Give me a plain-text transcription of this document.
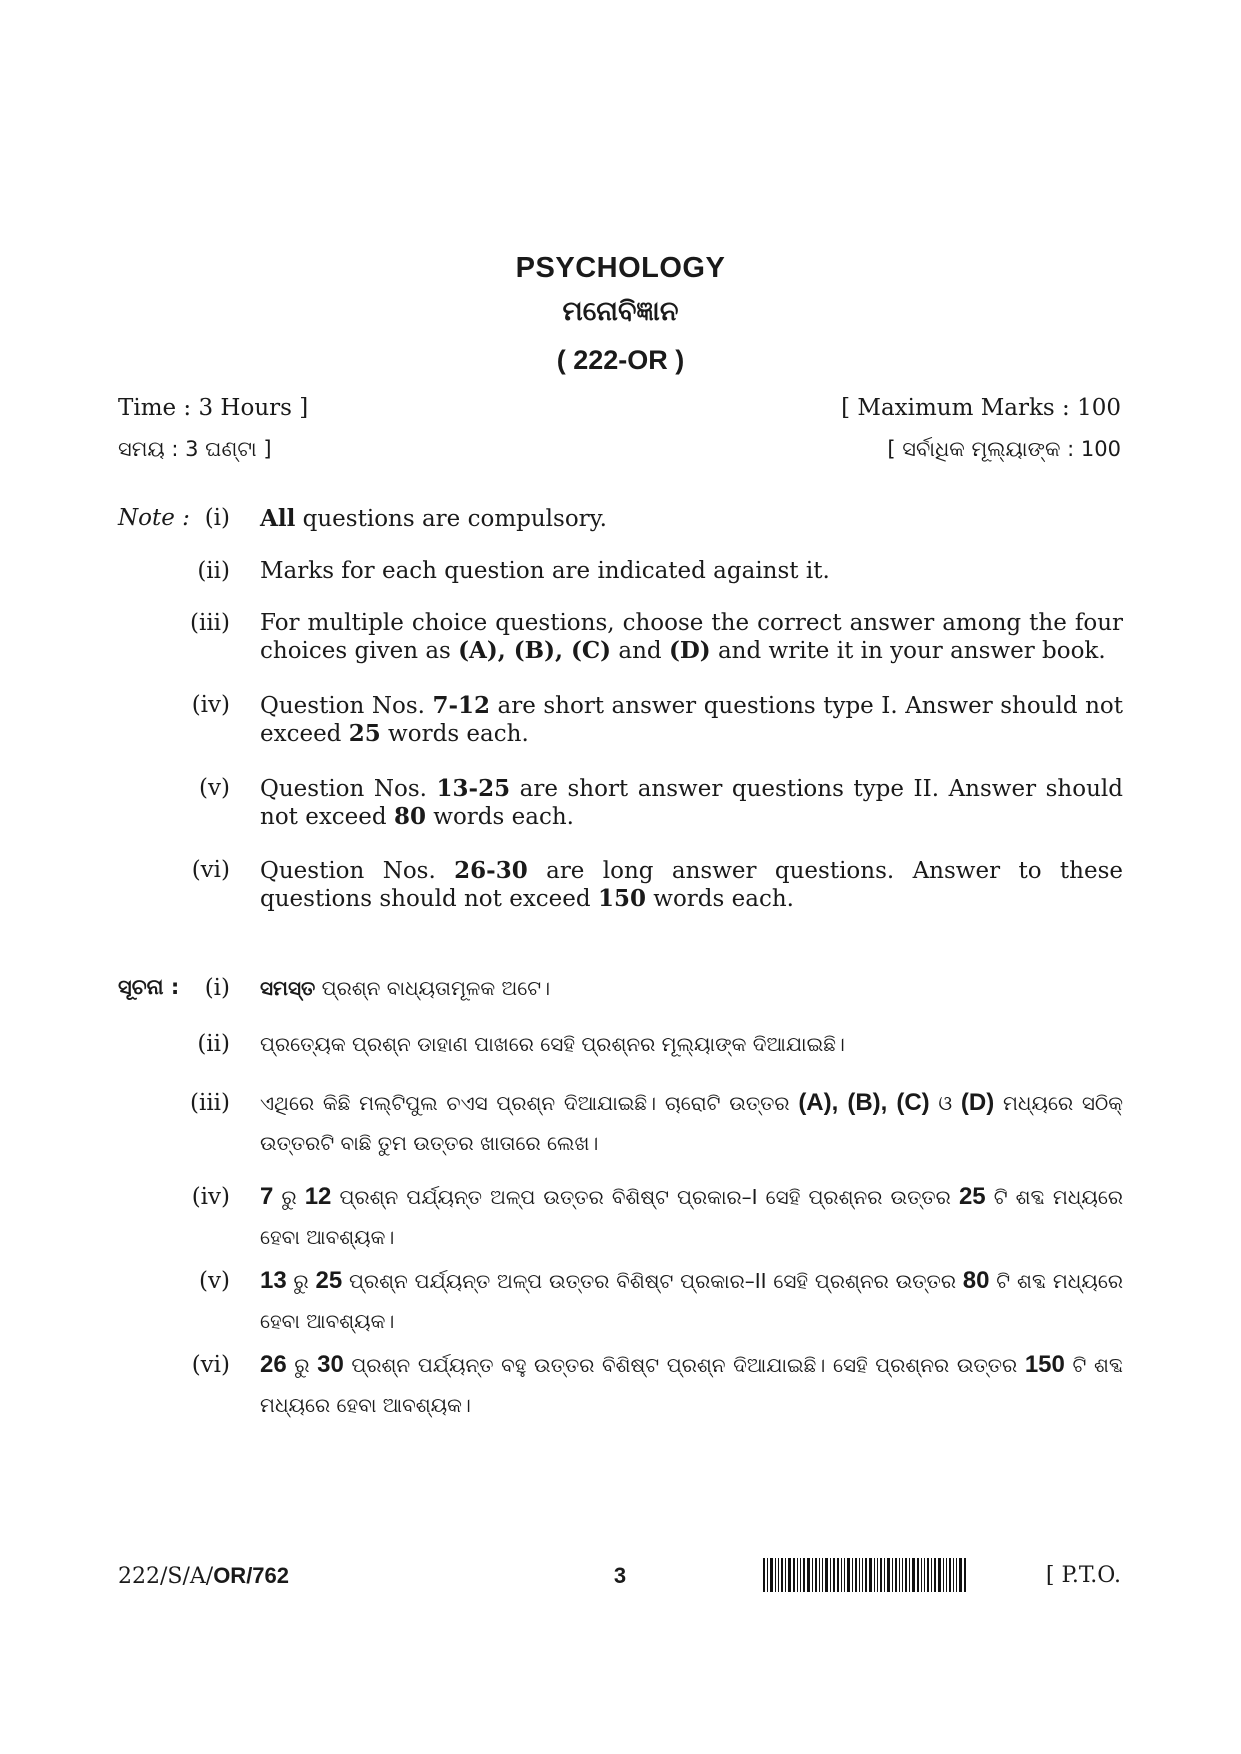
PSYCHOLOGY
ମନୋବିଜ୍ଞାନ
( 222-OR )
Time : 3 Hours ]	[ Maximum Marks : 100
ସମୟ : 3 ଘଣ୍ଟା ]	[ ସର୍ବାଧିକ ମୂଲ୍ୟାଙ୍କ : 100
Note : (i) All questions are compulsory.
(ii) Marks for each question are indicated against it.
(iii) For multiple choice questions, choose the correct answer among the four choices given as (A), (B), (C) and (D) and write it in your answer book.
(iv) Question Nos. 7-12 are short answer questions type I. Answer should not exceed 25 words each.
(v) Question Nos. 13-25 are short answer questions type II. Answer should not exceed 80 words each.
(vi) Question Nos. 26-30 are long answer questions. Answer to these questions should not exceed 150 words each.
ସୂଚନା :	(i) ସମସ୍ତ ପ୍ରଶ୍ନ ବାଧ୍ୟତାମୂଳକ ଅଟେ।
(ii) ପ୍ରତ୍ୟେକ ପ୍ରଶ୍ନ ଡାହାଣ ପାଖରେ ସେହି ପ୍ରଶ୍ନର ମୂଲ୍ୟାଙ୍କ ଦିଆଯାଇଛି।
(iii) ଏଥିରେ କିଛି ମଲ୍‌ଟିପୁଲ ଚଏସ ପ୍ରଶ୍ନ ଦିଆଯାଇଛି। ଚାରୋଟି ଉତ୍ତର (A), (B), (C) ଓ (D) ମଧ୍ୟରେ ସଠିକ୍ ଉତ୍ତରଟି ବାଛି ତୁମ ଉତ୍ତର ଖାତାରେ ଲେଖ।
(iv) 7 ରୁ 12 ପ୍ରଶ୍ନ ପର୍ଯ୍ୟନ୍ତ ଅଳ୍ପ ଉତ୍ତର ବିଶିଷ୍ଟ ପ୍ରକାର–I ସେହି ପ୍ରଶ୍ନର ଉତ୍ତର 25 ଟି ଶବ୍ଦ ମଧ୍ୟରେ ହେବା ଆବଶ୍ୟକ।
(v) 13 ରୁ 25 ପ୍ରଶ୍ନ ପର୍ଯ୍ୟନ୍ତ ଅଳ୍ପ ଉତ୍ତର ବିଶିଷ୍ଟ ପ୍ରକାର–II ସେହି ପ୍ରଶ୍ନର ଉତ୍ତର 80 ଟି ଶବ୍ଦ ମଧ୍ୟରେ ହେବା ଆବଶ୍ୟକ।
(vi) 26 ରୁ 30 ପ୍ରଶ୍ନ ପର୍ଯ୍ୟନ୍ତ ବହୁ ଉତ୍ତର ବିଶିଷ୍ଟ ପ୍ରଶ୍ନ ଦିଆଯାଇଛି। ସେହି ପ୍ରଶ୍ନର ଉତ୍ତର 150 ଟି ଶବ୍ଦ ମଧ୍ୟରେ ହେବା ଆବଶ୍ୟକ।
222/S/A/OR/762	3	[ P.T.O.
